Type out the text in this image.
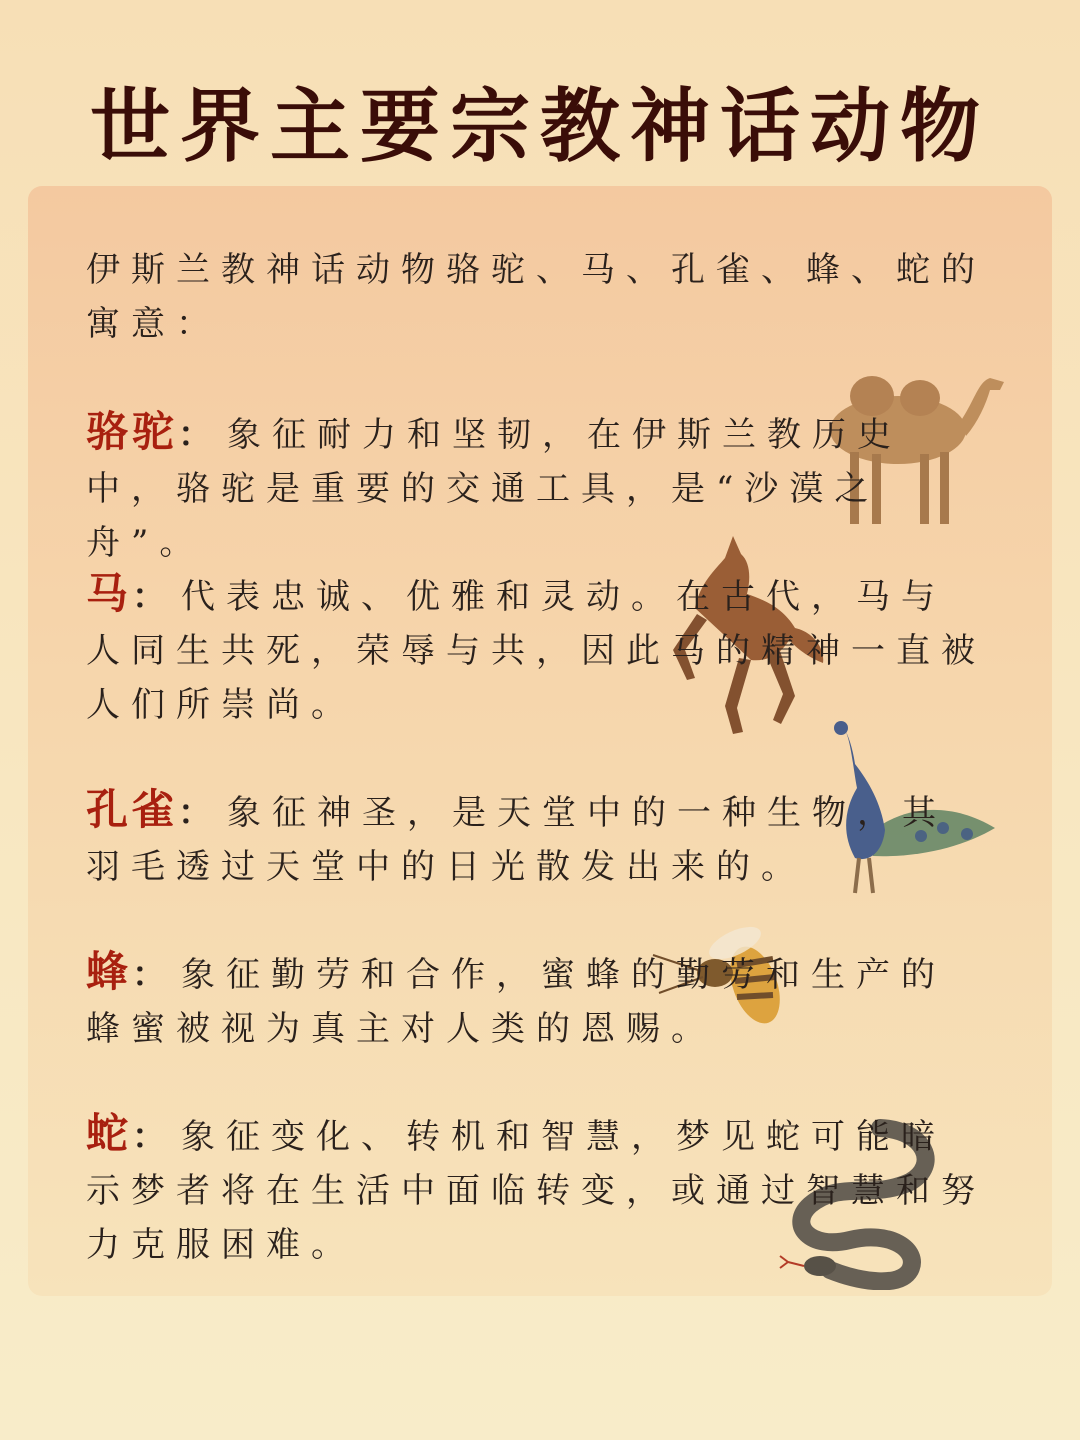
世界主要宗教神话动物
伊斯兰教神话动物骆驼、马、孔雀、蜂、蛇的寓意：
骆驼： 象征耐力和坚韧，在伊斯兰教历史中，骆驼是重要的交通工具，是“沙漠之舟”。
马： 代表忠诚、优雅和灵动。在古代，马与人同生共死，荣辱与共，因此马的精神一直被人们所崇尚。
孔雀： 象征神圣，是天堂中的一种生物，其羽毛透过天堂中的日光散发出来的。
蜂： 象征勤劳和合作，蜜蜂的勤劳和生产的蜂蜜被视为真主对人类的恩赐。
蛇： 象征变化、转机和智慧，梦见蛇可能暗示梦者将在生活中面临转变，或通过智慧和努力克服困难。
